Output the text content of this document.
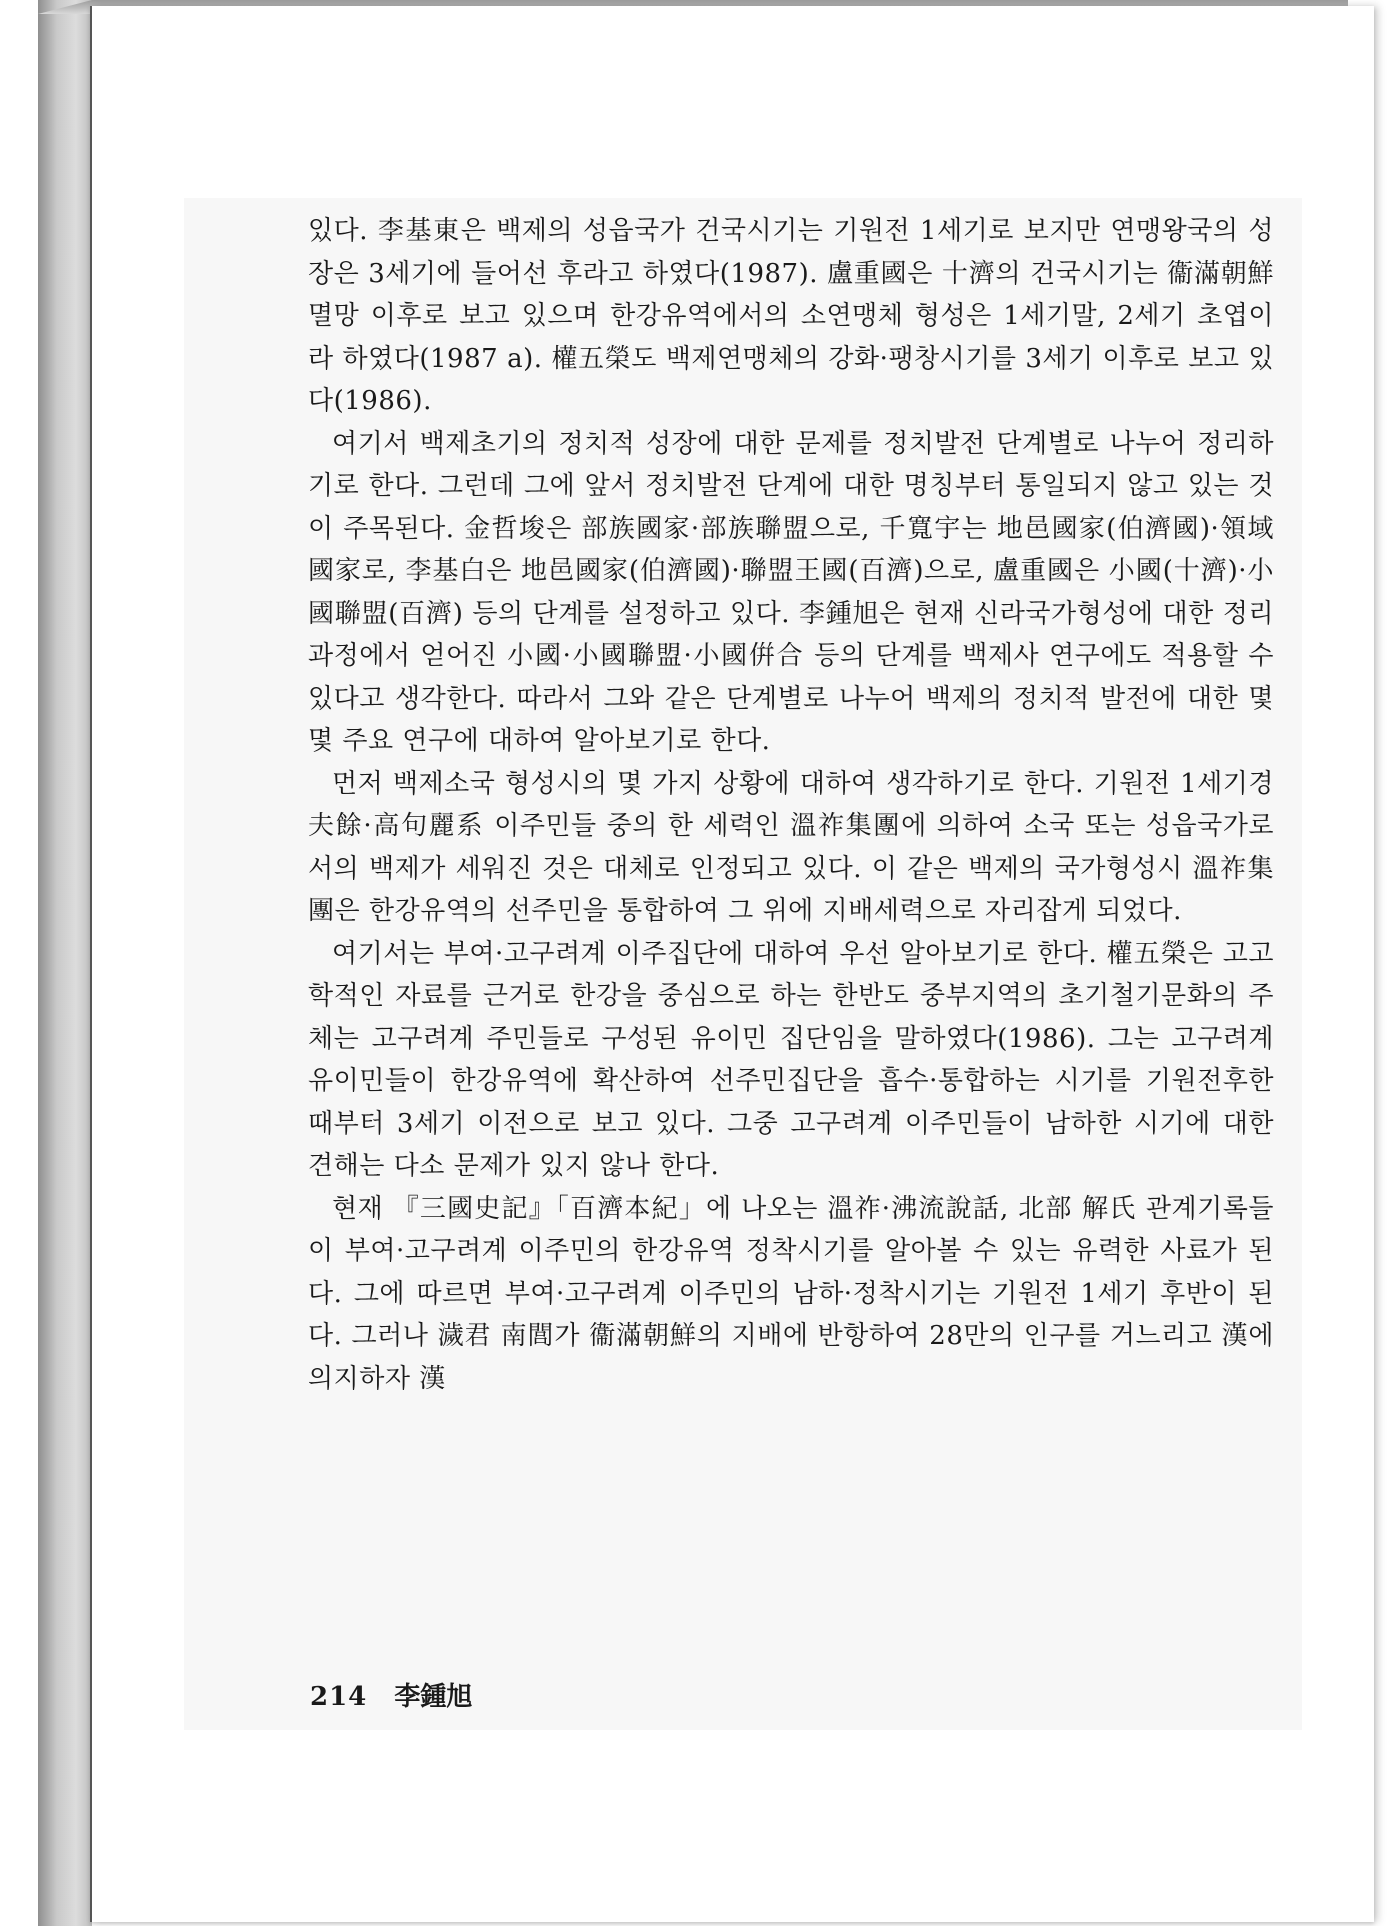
있다. 李基東은 백제의 성읍국가 건국시기는 기원전 1세기로 보지만 연맹왕국의 성장은 3세기에 들어선 후라고 하였다(1987). 盧重國은 十濟의 건국시기는 衞滿朝鮮 멸망 이후로 보고 있으며 한강유역에서의 소연맹체 형성은 1세기말, 2세기 초엽이라 하였다(1987 a). 權五榮도 백제연맹체의 강화·팽창시기를 3세기 이후로 보고 있다(1986).

여기서 백제초기의 정치적 성장에 대한 문제를 정치발전 단계별로 나누어 정리하기로 한다. 그런데 그에 앞서 정치발전 단계에 대한 명칭부터 통일되지 않고 있는 것이 주목된다. 金哲埈은 部族國家·部族聯盟으로, 千寬宇는 地邑國家(伯濟國)·領域國家로, 李基白은 地邑國家(伯濟國)·聯盟王國(百濟)으로, 盧重國은 小國(十濟)·小國聯盟(百濟) 등의 단계를 설정하고 있다. 李鍾旭은 현재 신라국가형성에 대한 정리과정에서 얻어진 小國·小國聯盟·小國倂合 등의 단계를 백제사 연구에도 적용할 수 있다고 생각한다. 따라서 그와 같은 단계별로 나누어 백제의 정치적 발전에 대한 몇몇 주요 연구에 대하여 알아보기로 한다.

먼저 백제소국 형성시의 몇 가지 상황에 대하여 생각하기로 한다. 기원전 1세기경 夫餘·高句麗系 이주민들 중의 한 세력인 溫祚集團에 의하여 소국 또는 성읍국가로서의 백제가 세워진 것은 대체로 인정되고 있다. 이 같은 백제의 국가형성시 溫祚集團은 한강유역의 선주민을 통합하여 그 위에 지배세력으로 자리잡게 되었다.

여기서는 부여·고구려계 이주집단에 대하여 우선 알아보기로 한다. 權五榮은 고고학적인 자료를 근거로 한강을 중심으로 하는 한반도 중부지역의 초기철기문화의 주체는 고구려계 주민들로 구성된 유이민 집단임을 말하였다(1986). 그는 고구려계 유이민들이 한강유역에 확산하여 선주민집단을 흡수·통합하는 시기를 기원전후한 때부터 3세기 이전으로 보고 있다. 그중 고구려계 이주민들이 남하한 시기에 대한 견해는 다소 문제가 있지 않나 한다.

현재 『三國史記』「百濟本紀」에 나오는 溫祚·沸流說話, 北部 解氏 관계기록들이 부여·고구려계 이주민의 한강유역 정착시기를 알아볼 수 있는 유력한 사료가 된다. 그에 따르면 부여·고구려계 이주민의 남하·정착시기는 기원전 1세기 후반이 된다. 그러나 濊君 南閭가 衞滿朝鮮의 지배에 반항하여 28만의 인구를 거느리고 漢에 의지하자 漢

214 李鍾旭
